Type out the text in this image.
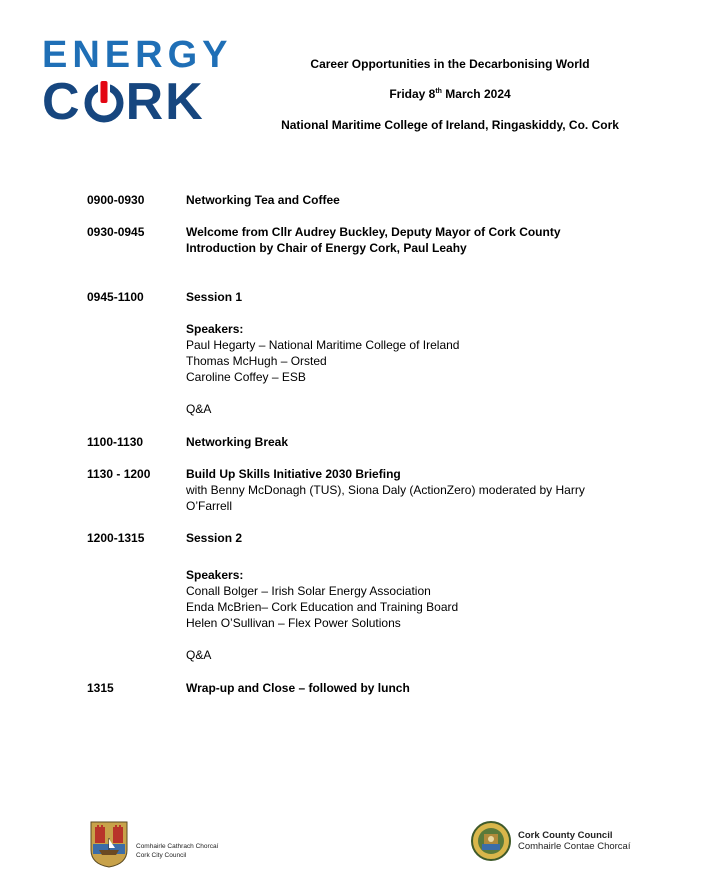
ENERGY
C RK
Career Opportunities in the Decarbonising World
Friday 8th March 2024
National Maritime College of Ireland, Ringaskiddy, Co. Cork
0900-0930	Networking Tea and Coffee
0930-0945	Welcome from Cllr Audrey Buckley, Deputy Mayor of Cork County
Introduction by Chair of Energy Cork, Paul Leahy
0945-1100	Session 1
Speakers:
Paul Hegarty – National Maritime College of Ireland
Thomas McHugh – Orsted
Caroline Coffey – ESB
Q&A
1100-1130	Networking Break
1130 - 1200	Build Up Skills Initiative 2030 Briefing
with Benny McDonagh (TUS), Siona Daly (ActionZero) moderated by Harry O’Farrell
1200-1315	Session 2
Speakers:
Conall Bolger – Irish Solar Energy Association
Enda McBrien– Cork Education and Training Board
Helen O’Sullivan – Flex Power Solutions
Q&A
1315	Wrap-up and Close – followed by lunch
Comhairle Cathrach Chorcaí
Cork City Council
Cork County Council
Comhairle Contae Chorcaí
